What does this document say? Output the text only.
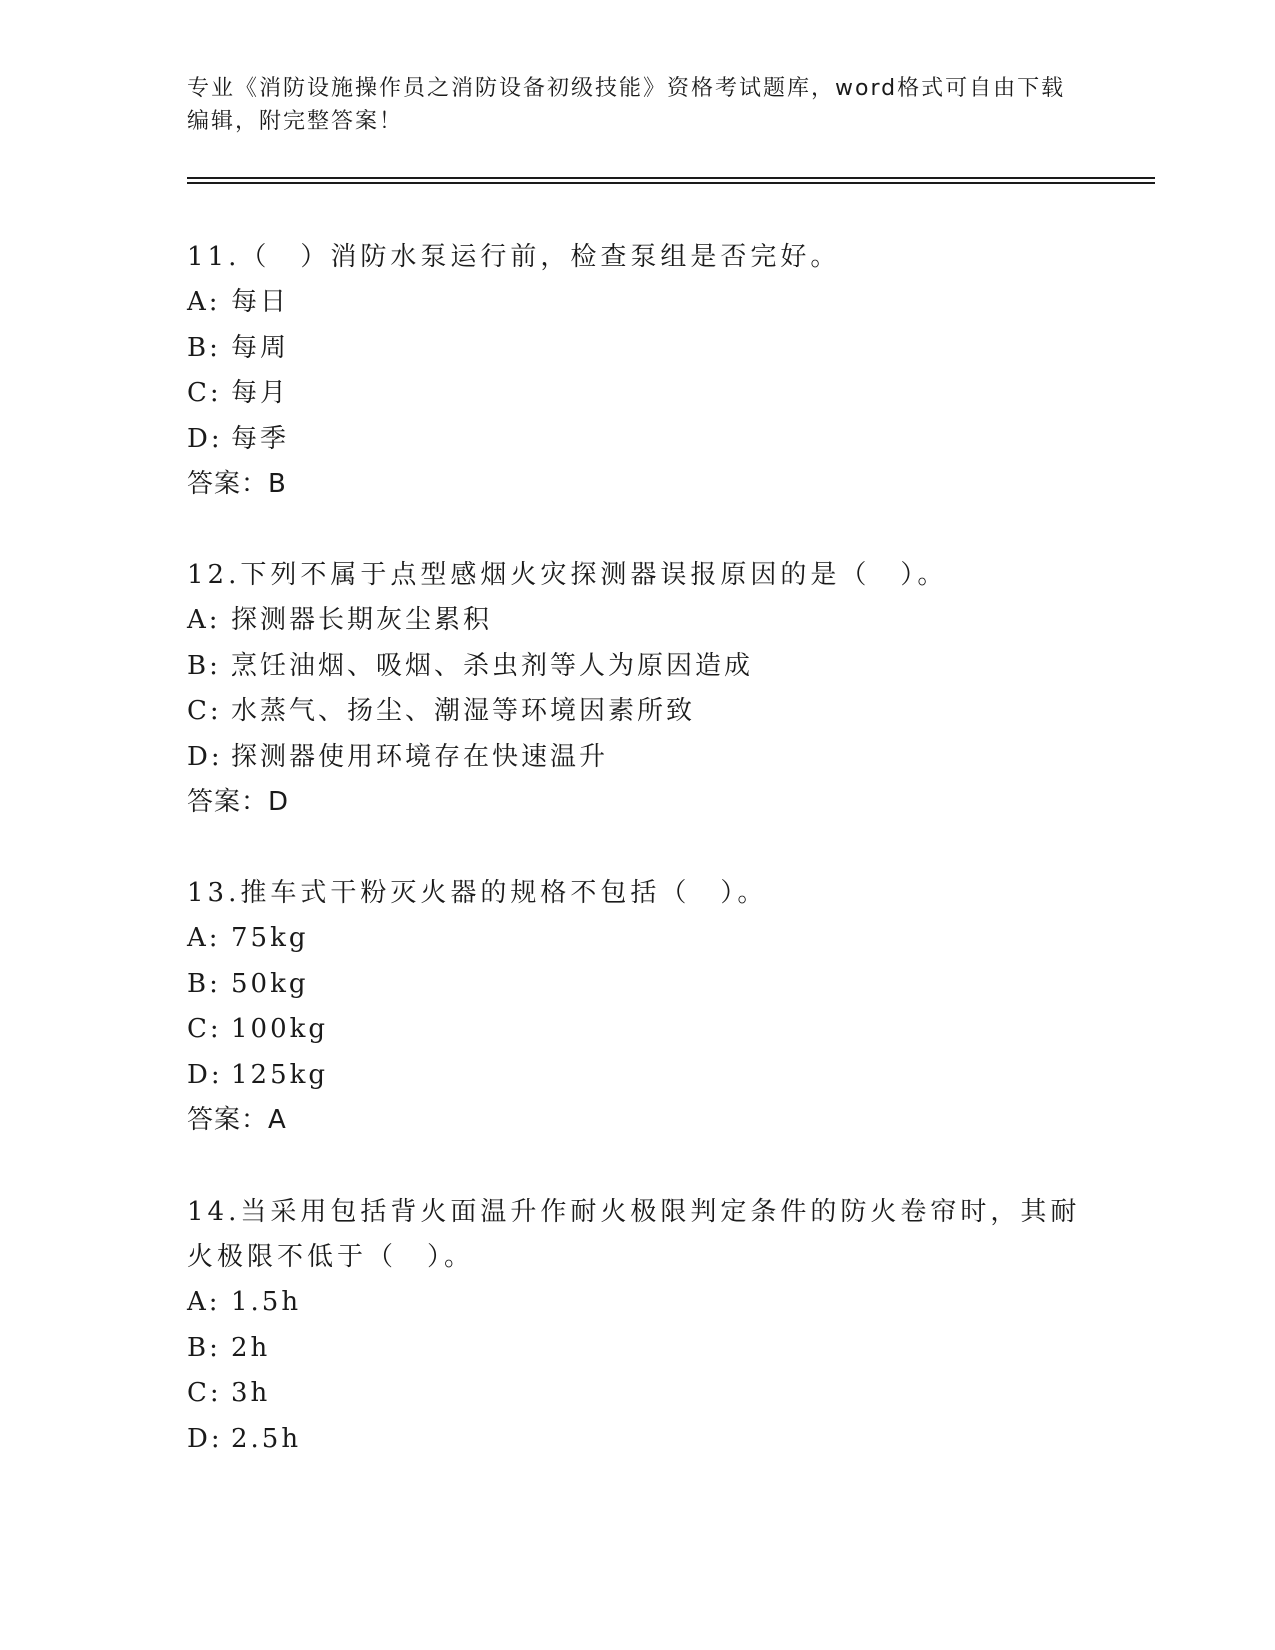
专业《消防设施操作员之消防设备初级技能》资格考试题库，word格式可自由下载编辑，附完整答案！

11.（　）消防水泵运行前，检查泵组是否完好。

A: 每日

B: 每周

C: 每月

D: 每季

答案：B

12.下列不属于点型感烟火灾探测器误报原因的是（　）。

A: 探测器长期灰尘累积

B: 烹饪油烟、吸烟、杀虫剂等人为原因造成

C: 水蒸气、扬尘、潮湿等环境因素所致

D: 探测器使用环境存在快速温升

答案：D

13.推车式干粉灭火器的规格不包括（　）。

A: 75kg

B: 50kg

C: 100kg

D: 125kg

答案：A

14.当采用包括背火面温升作耐火极限判定条件的防火卷帘时，其耐火极限不低于（　）。

A: 1.5h

B: 2h

C: 3h

D: 2.5h
